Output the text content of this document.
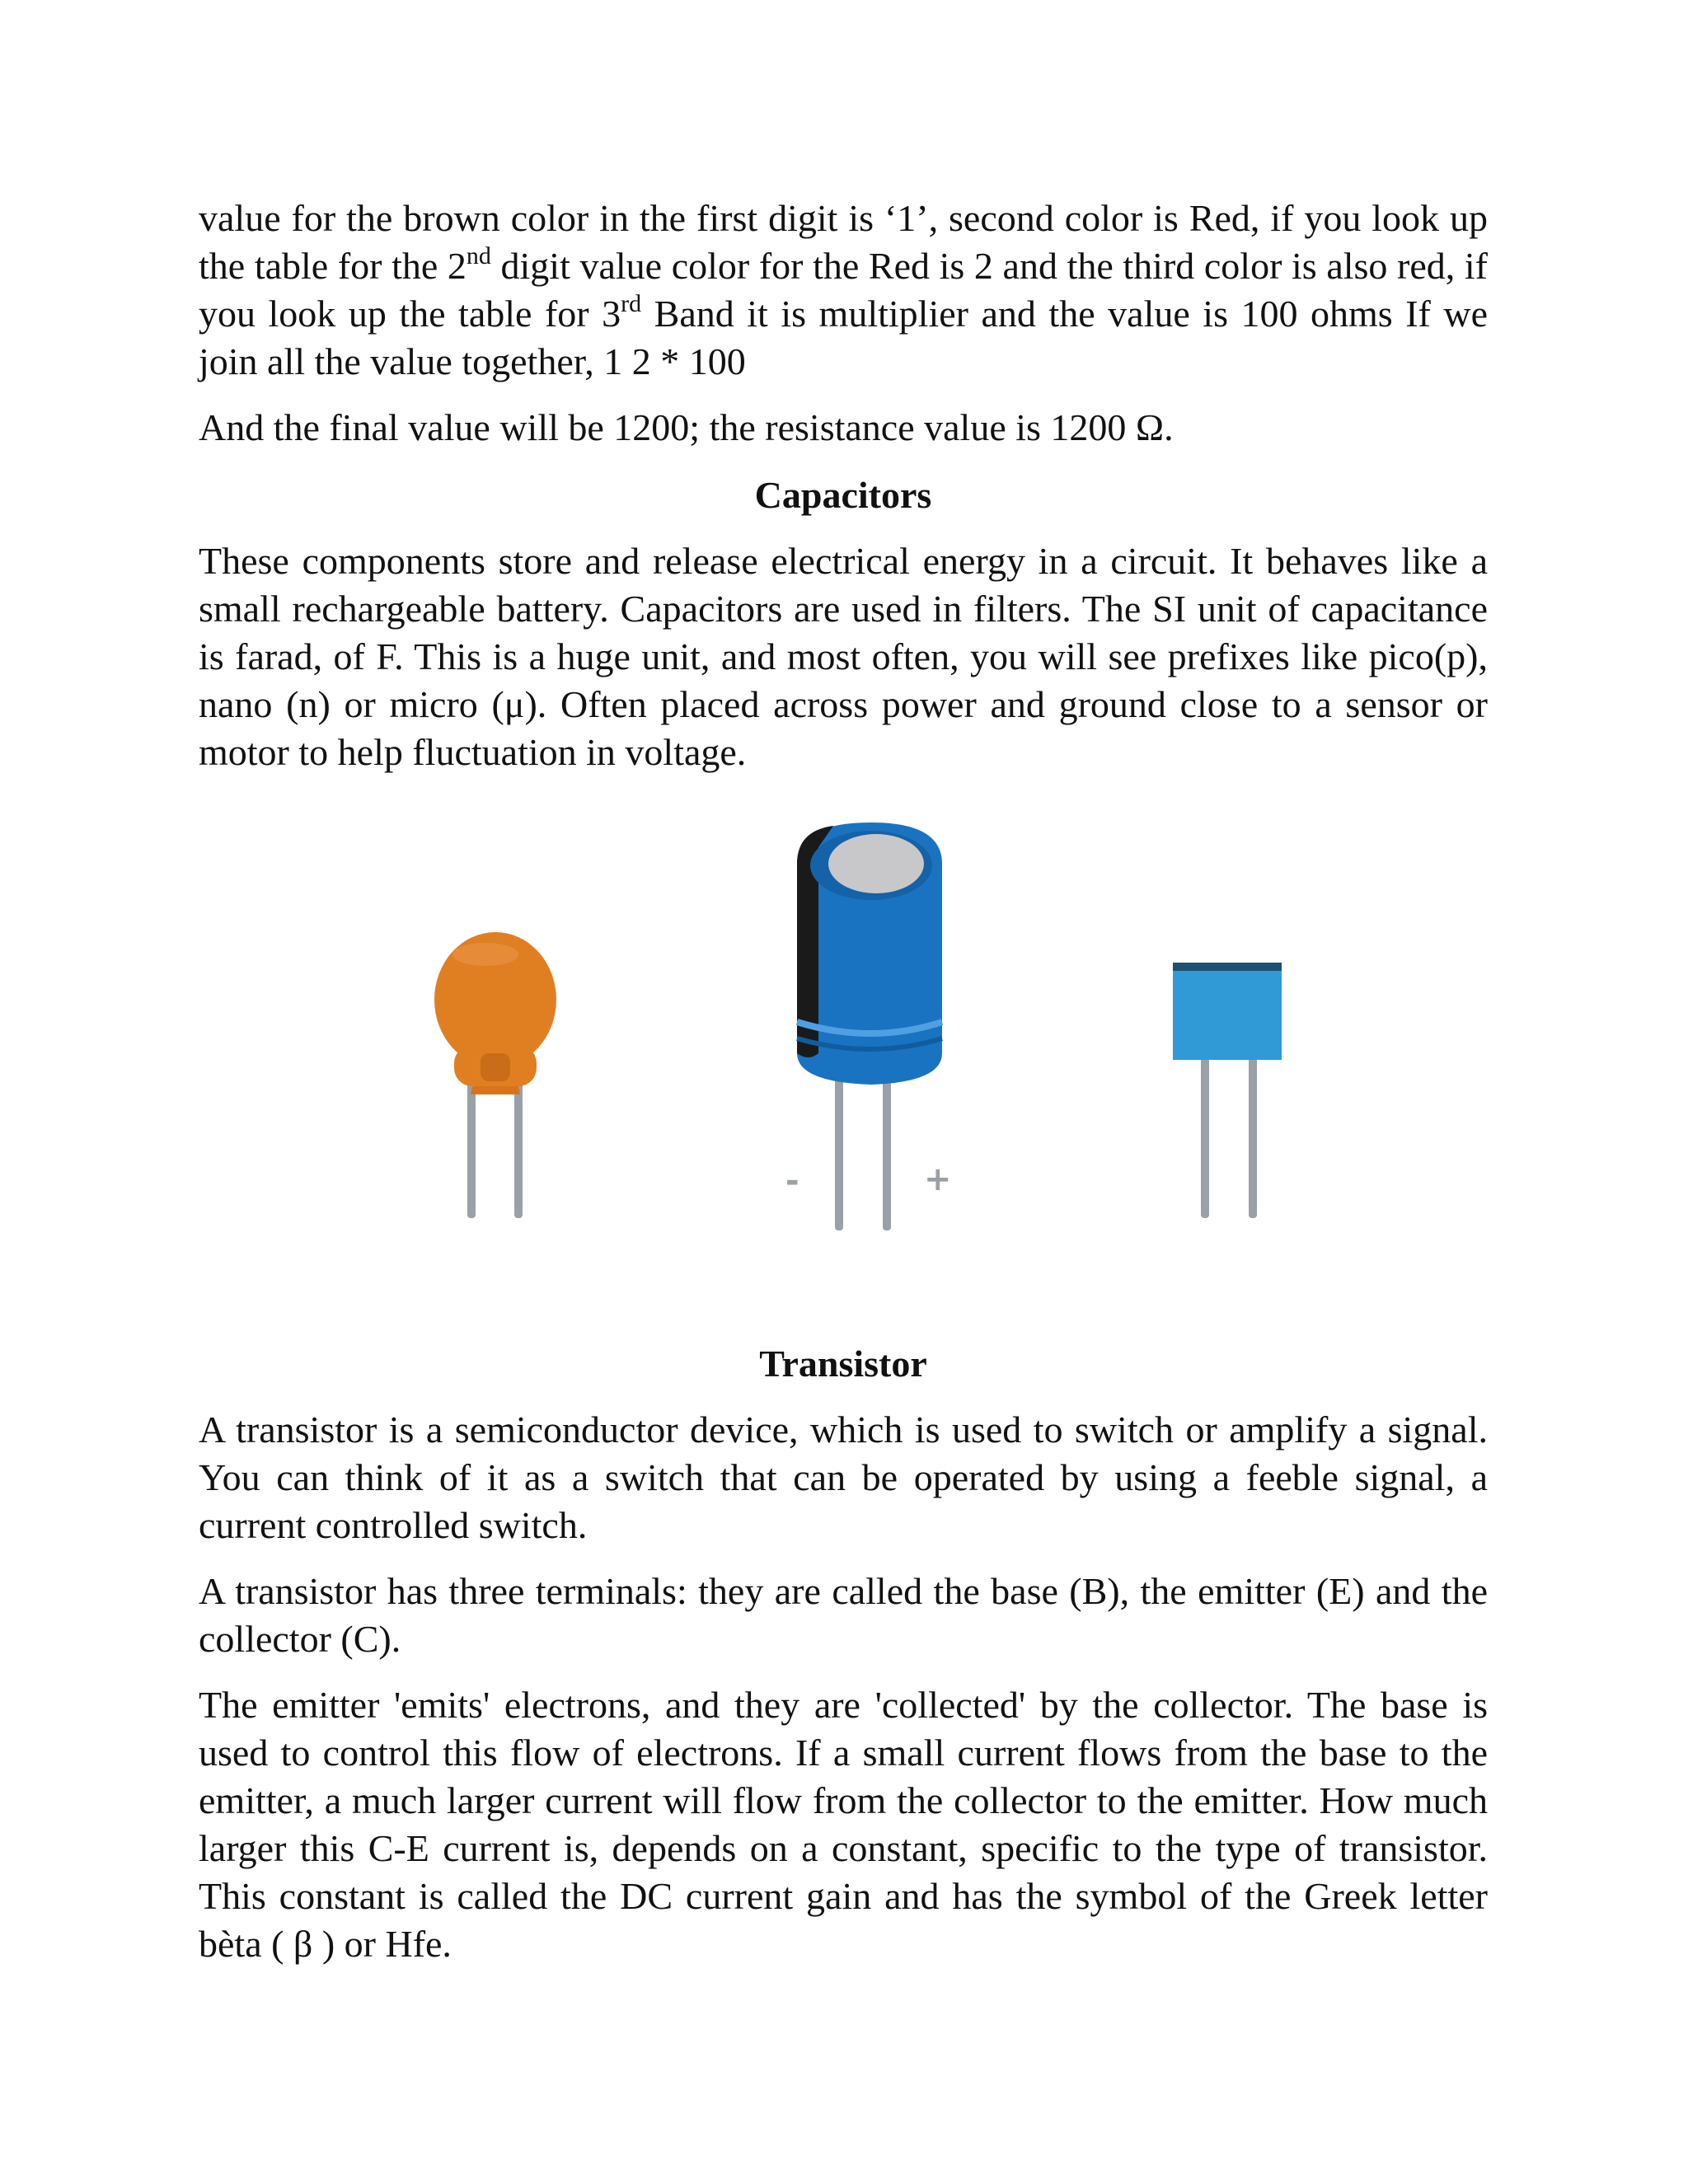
value for the brown color in the first digit is ‘1’, second color is Red, if you look up the table for the 2nd digit value color for the Red is 2 and the third color is also red, if you look up the table for 3rd Band it is multiplier and the value is 100 ohms If we join all the value together, 1 2 * 100

And the final value will be 1200; the resistance value is 1200 Ω.

Capacitors

These components store and release electrical energy in a circuit. It behaves like a small rechargeable battery. Capacitors are used in filters. The SI unit of capacitance is farad, of F. This is a huge unit, and most often, you will see prefixes like pico(p), nano (n) or micro (μ). Often placed across power and ground close to a sensor or motor to help fluctuation in voltage.

-	+
Transistor

A transistor is a semiconductor device, which is used to switch or amplify a signal. You can think of it as a switch that can be operated by using a feeble signal, a current controlled switch.

A transistor has three terminals: they are called the base (B), the emitter (E) and the collector (C).

The emitter 'emits' electrons, and they are 'collected' by the collector. The base is used to control this flow of electrons. If a small current flows from the base to the emitter, a much larger current will flow from the collector to the emitter. How much larger this C-E current is, depends on a constant, specific to the type of transistor. This constant is called the DC current gain and has the symbol of the Greek letter bèta ( β ) or Hfe.
